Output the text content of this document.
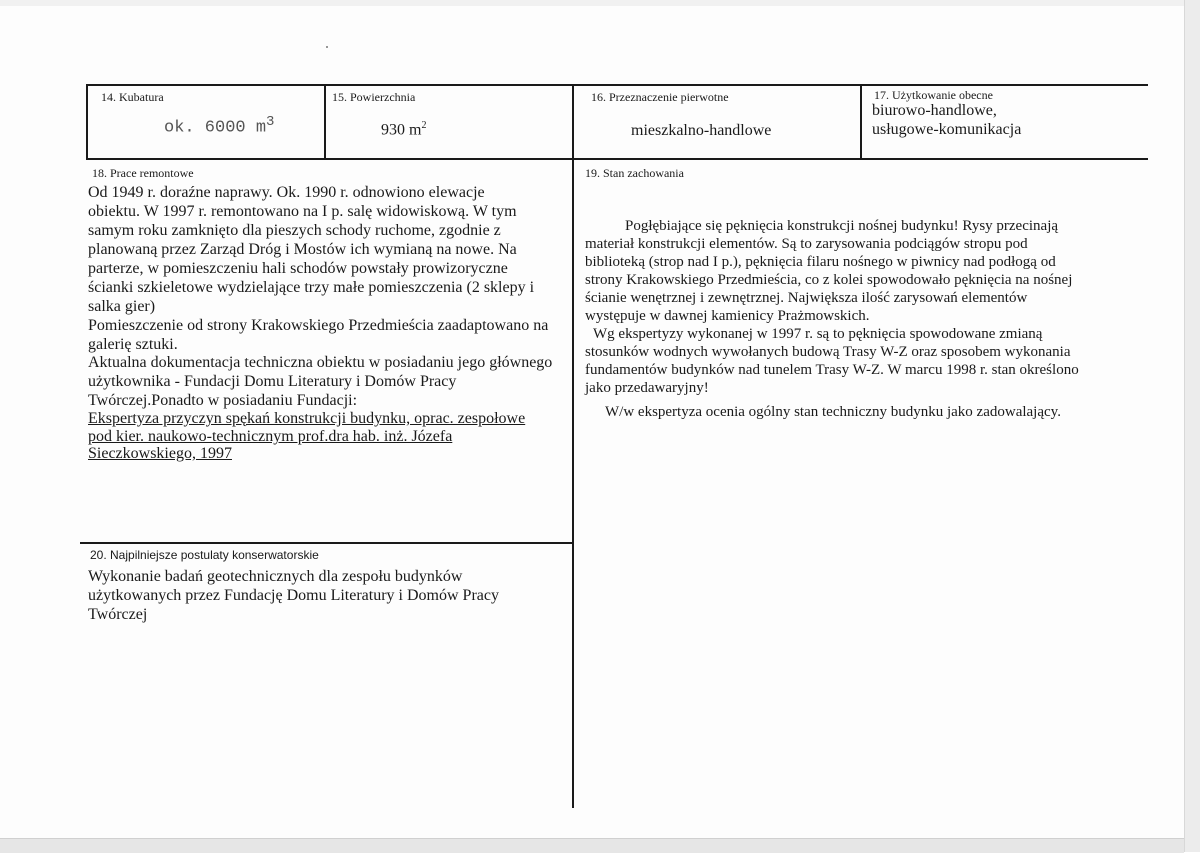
14. Kubatura
ok. 6000 $m^3$
15. Powierzchnia
930 $m^2$
16. Przeznaczenie pierwotne
mieszkalno-handlowe
17. Użytkowanie obecne
biurowo-handlowe,
usługowe-komunikacja
18. Prace remontowe
Od 1949 r. doraźne naprawy. Ok. 1990 r. odnowiono elewacje
obiektu. W 1997 r. remontowano na I p. salę widowiskową. W tym
samym roku zamknięto dla pieszych schody ruchome, zgodnie z
planowaną przez Zarząd Dróg i Mostów ich wymianą na nowe. Na
parterze, w pomieszczeniu hali schodów powstały prowizoryczne
ścianki szkieletowe wydzielające trzy małe pomieszczenia (2 sklepy i
salka gier)
Pomieszczenie od strony Krakowskiego Przedmieścia zaadaptowano na
galerię sztuki.
Aktualna dokumentacja techniczna obiektu w posiadaniu jego głównego
użytkownika - Fundacji Domu Literatury i Domów Pracy
Twórczej.Ponadto w posiadaniu Fundacji:
Ekspertyza przyczyn spękań konstrukcji budynku, oprac. zespołowe
pod kier. naukowo-technicznym prof.dra hab. inż. Józefa
Sieczkowskiego, 1997
19. Stan zachowania
Pogłębiające się pęknięcia konstrukcji nośnej budynku! Rysy przecinają
materiał konstrukcji elementów. Są to zarysowania podciągów stropu pod
biblioteką (strop nad I p.), pęknięcia filaru nośnego w piwnicy nad podłogą od
strony Krakowskiego Przedmieścia, co z kolei spowodowało pęknięcia na nośnej
ścianie wenętrznej i zewnętrznej. Największa ilość zarysowań elementów
występuje w dawnej kamienicy Prażmowskich.
Wg ekspertyzy wykonanej w 1997 r. są to pęknięcia spowodowane zmianą
stosunków wodnych wywołanych budową Trasy W-Z oraz sposobem wykonania
fundamentów budynków nad tunelem Trasy W-Z. W marcu 1998 r. stan określono
jako przedawaryjny!
W/w ekspertyza ocenia ogólny stan techniczny budynku jako zadowalający.
20. Najpilniejsze postulaty konserwatorskie
Wykonanie badań geotechnicznych dla zespołu budynków
użytkowanych przez Fundację Domu Literatury i Domów Pracy
Twórczej
